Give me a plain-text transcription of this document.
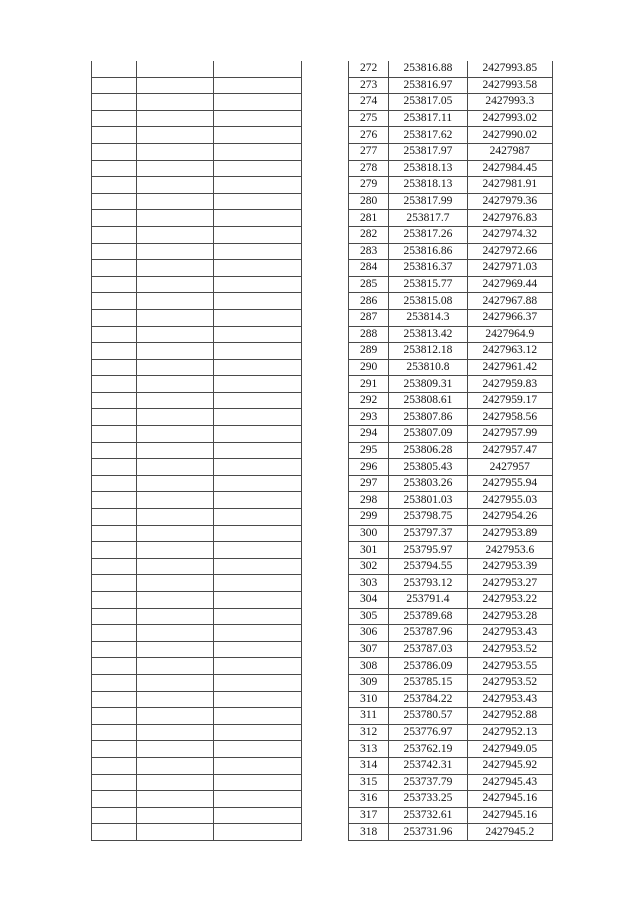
272	253816.88	2427993.85
273	253816.97	2427993.58
274	253817.05	2427993.3
275	253817.11	2427993.02
276	253817.62	2427990.02
277	253817.97	2427987
278	253818.13	2427984.45
279	253818.13	2427981.91
280	253817.99	2427979.36
281	253817.7	2427976.83
282	253817.26	2427974.32
283	253816.86	2427972.66
284	253816.37	2427971.03
285	253815.77	2427969.44
286	253815.08	2427967.88
287	253814.3	2427966.37
288	253813.42	2427964.9
289	253812.18	2427963.12
290	253810.8	2427961.42
291	253809.31	2427959.83
292	253808.61	2427959.17
293	253807.86	2427958.56
294	253807.09	2427957.99
295	253806.28	2427957.47
296	253805.43	2427957
297	253803.26	2427955.94
298	253801.03	2427955.03
299	253798.75	2427954.26
300	253797.37	2427953.89
301	253795.97	2427953.6
302	253794.55	2427953.39
303	253793.12	2427953.27
304	253791.4	2427953.22
305	253789.68	2427953.28
306	253787.96	2427953.43
307	253787.03	2427953.52
308	253786.09	2427953.55
309	253785.15	2427953.52
310	253784.22	2427953.43
311	253780.57	2427952.88
312	253776.97	2427952.13
313	253762.19	2427949.05
314	253742.31	2427945.92
315	253737.79	2427945.43
316	253733.25	2427945.16
317	253732.61	2427945.16
318	253731.96	2427945.2
